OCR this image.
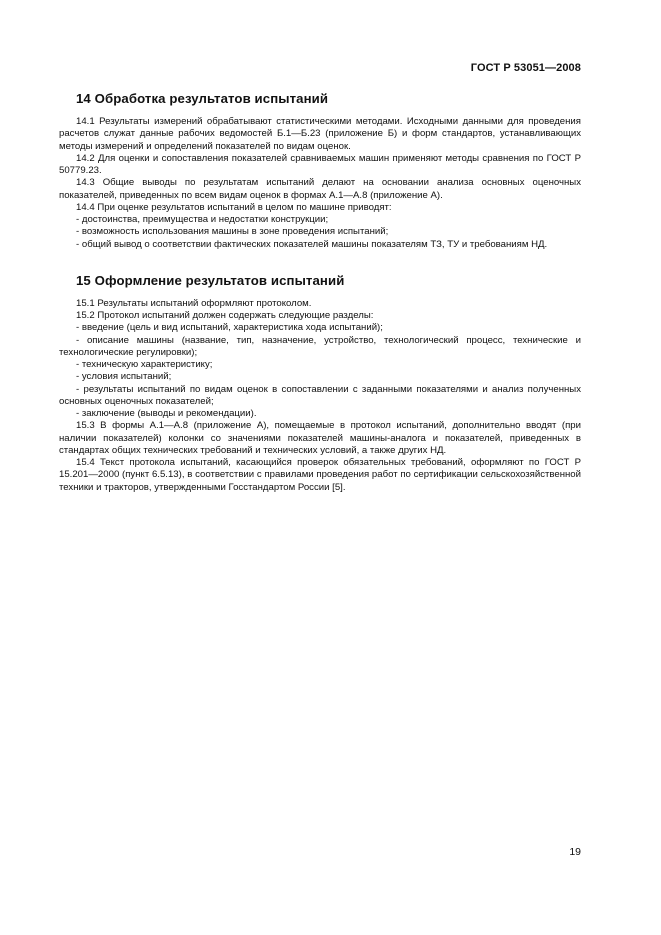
ГОСТ Р 53051—2008
14 Обработка результатов испытаний

14.1 Результаты измерений обрабатывают статистическими методами. Исходными данными для проведения расчетов служат данные рабочих ведомостей Б.1—Б.23 (приложение Б) и форм стандартов, устанавливающих методы измерений и определений показателей по видам оценок.

14.2 Для оценки и сопоставления показателей сравниваемых машин применяют методы сравнения по ГОСТ Р 50779.23.

14.3 Общие выводы по результатам испытаний делают на основании анализа основных оценочных показателей, приведенных по всем видам оценок в формах А.1—А.8 (приложение А).

14.4 При оценке результатов испытаний в целом по машине приводят:

- достоинства, преимущества и недостатки конструкции;

- возможность использования машины в зоне проведения испытаний;

- общий вывод о соответствии фактических показателей машины показателям ТЗ, ТУ и требованиям НД.

15 Оформление результатов испытаний

15.1 Результаты испытаний оформляют протоколом.

15.2 Протокол испытаний должен содержать следующие разделы:

- введение (цель и вид испытаний, характеристика хода испытаний);

- описание машины (название, тип, назначение, устройство, технологический процесс, технические и технологические регулировки);

- техническую характеристику;

- условия испытаний;

- результаты испытаний по видам оценок в сопоставлении с заданными показателями и анализ полученных основных оценочных показателей;

- заключение (выводы и рекомендации).

15.3 В формы А.1—А.8 (приложение А), помещаемые в протокол испытаний, дополнительно вводят (при наличии показателей) колонки со значениями показателей машины-аналога и показателей, приведенных в стандартах общих технических требований и технических условий, а также других НД.

15.4 Текст протокола испытаний, касающийся проверок обязательных требований, оформляют по ГОСТ Р 15.201—2000 (пункт 6.5.13), в соответствии с правилами проведения работ по сертификации сельскохозяйственной техники и тракторов, утвержденными Госстандартом России [5].

19
